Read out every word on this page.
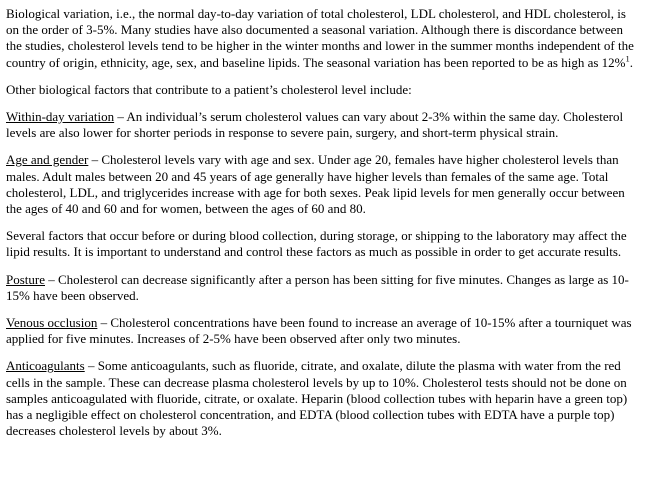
Biological variation, i.e., the normal day-to-day variation of total cholesterol, LDL cholesterol, and HDL cholesterol, is on the order of 3-5%. Many studies have also documented a seasonal variation. Although there is discordance between the studies, cholesterol levels tend to be higher in the winter months and lower in the summer months independent of the country of origin, ethnicity, age, sex, and baseline lipids. The seasonal variation has been reported to be as high as 12%$^1$.

Other biological factors that contribute to a patient’s cholesterol level include:

Within-day variation – An individual’s serum cholesterol values can vary about 2-3% within the same day. Cholesterol levels are also lower for shorter periods in response to severe pain, surgery, and short-term physical strain.

Age and gender – Cholesterol levels vary with age and sex. Under age 20, females have higher cholesterol levels than males. Adult males between 20 and 45 years of age generally have higher levels than females of the same age. Total cholesterol, LDL, and triglycerides increase with age for both sexes. Peak lipid levels for men generally occur between the ages of 40 and 60 and for women, between the ages of 60 and 80.

Several factors that occur before or during blood collection, during storage, or shipping to the laboratory may affect the lipid results. It is important to understand and control these factors as much as possible in order to get accurate results.

Posture – Cholesterol can decrease significantly after a person has been sitting for five minutes. Changes as large as 10-15% have been observed.

Venous occlusion – Cholesterol concentrations have been found to increase an average of 10-15% after a tourniquet was applied for five minutes. Increases of 2-5% have been observed after only two minutes.

Anticoagulants – Some anticoagulants, such as fluoride, citrate, and oxalate, dilute the plasma with water from the red cells in the sample. These can decrease plasma cholesterol levels by up to 10%. Cholesterol tests should not be done on samples anticoagulated with fluoride, citrate, or oxalate. Heparin (blood collection tubes with heparin have a green top) has a negligible effect on cholesterol concentration, and EDTA (blood collection tubes with EDTA have a purple top) decreases cholesterol levels by about 3%.
